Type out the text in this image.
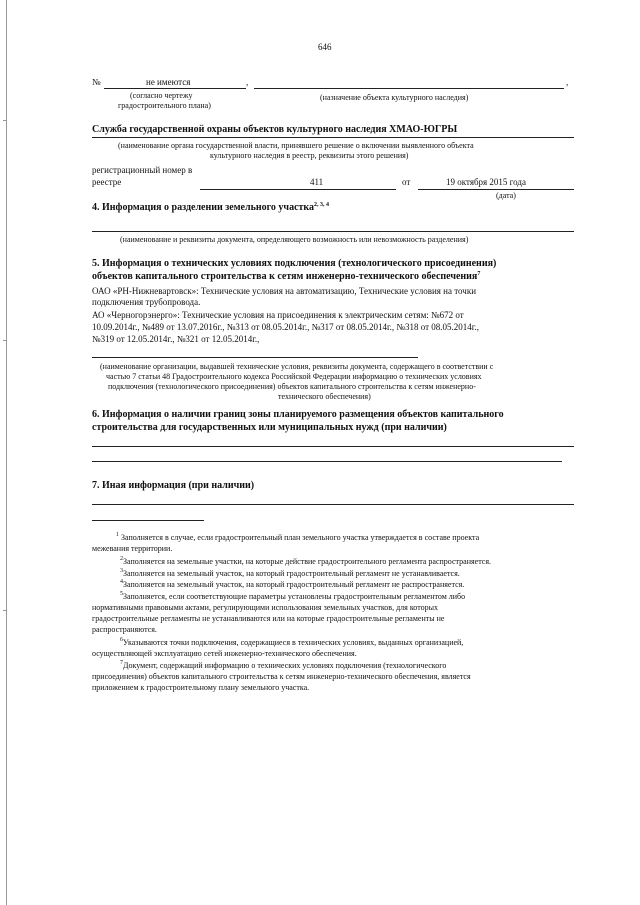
646
№	не имеются	,	,
(согласно чертежу
градостроительного плана)
(назначение объекта культурного наследия)
Служба государственной охраны объектов культурного наследия ХМАО-ЮГРЫ
(наименование органа государственной власти, принявшего решение о включении выявленного объекта
культурного наследия в реестр, реквизиты этого решения)
регистрационный номер в
реестре	411	от	19 октября 2015 года
(дата)
4. Информация о разделении земельного участка$^{2, 3, 4}$
(наименование и реквизиты документа, определяющего возможность или невозможность разделения)
5. Информация о технических условиях подключения (технологического присоединения)
объектов капитального строительства к сетям инженерно-технического обеспечения$^7$
ОАО «РН-Нижневартовск»: Технические условия на автоматизацию, Технические условия на точки
подключения трубопровода.
АО «Черногорэнерго»: Технические условия на присоединения к электрическим сетям: №672 от
10.09.2014г., №489 от 13.07.2016г., №313 от 08.05.2014г., №317 от 08.05.2014г., №318 от 08.05.2014г.,
№319 от 12.05.2014г., №321 от 12.05.2014г.,
(наименование организации, выдавшей технические условия, реквизиты документа, содержащего в соответствии с
частью 7 статьи 48 Градостроительного кодекса Российской Федерации информацию о технических условиях
подключения (технологического присоединения) объектов капитального строительства к сетям инженерно-
технического обеспечения)
6. Информация о наличии границ зоны планируемого размещения объектов капитального
строительства для государственных или муниципальных нужд (при наличии)
7. Иная информация (при наличии)
$^1$ Заполняется в случае, если градостроительный план земельного участка утверждается в составе проекта
межевания территории.
$^2$Заполняется на земельные участки, на которые действие градостроительного регламента распространяется.
$^3$Заполняется на земельный участок, на который градостроительный регламент не устанавливается.
$^4$Заполняется на земельный участок, на который градостроительный регламент не распространяется.
$^5$Заполняется, если соответствующие параметры установлены градостроительным регламентом либо
нормативными правовыми актами, регулирующими использования земельных участков, для которых
градостроительные регламенты не устанавливаются или на которые градостроительные регламенты не
распространяются.
$^6$Указываются точки подключения, содержащиеся в технических условиях, выданных организацией,
осуществляющей эксплуатацию сетей инженерно-технического обеспечения.
$^7$Документ, содержащий информацию о технических условиях подключения (технологического
присоединения) объектов капитального строительства к сетям инженерно-технического обеспечения, является
приложением к градостроительному плану земельного участка.
